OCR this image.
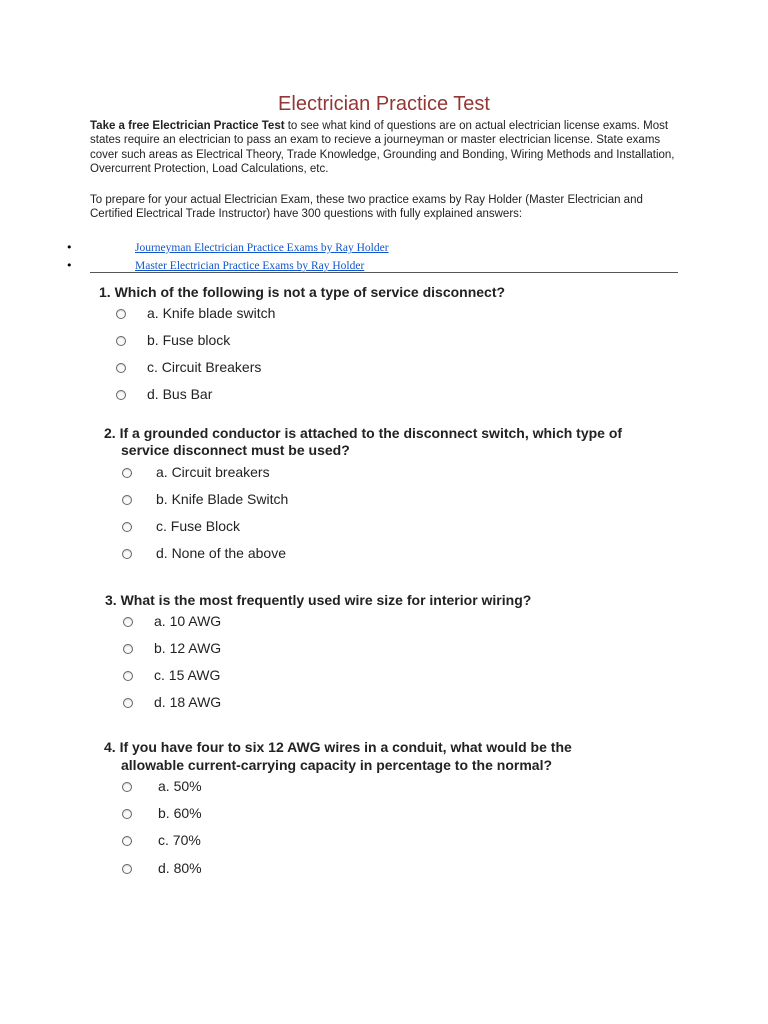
Electrician Practice Test

Take a free Electrician Practice Test to see what kind of questions are on actual electrician license exams. Most states require an electrician to pass an exam to recieve a journeyman or master electrician license. State exams cover such areas as Electrical Theory, Trade Knowledge, Grounding and Bonding, Wiring Methods and Installation, Overcurrent Protection, Load Calculations, etc.

To prepare for your actual Electrician Exam, these two practice exams by Ray Holder (Master Electrician and Certified Electrical Trade Instructor) have 300 questions with fully explained answers:

•	Journeyman Electrician Practice Exams by Ray Holder
•	Master Electrician Practice Exams by Ray Holder
1. Which of the following is not a type of service disconnect?
a. Knife blade switch
b. Fuse block
c. Circuit Breakers
d. Bus Bar
2. If a grounded conductor is attached to the disconnect switch, which type of
service disconnect must be used?
a. Circuit breakers
b. Knife Blade Switch
c. Fuse Block
d. None of the above
3. What is the most frequently used wire size for interior wiring?
a. 10 AWG
b. 12 AWG
c. 15 AWG
d. 18 AWG
4. If you have four to six 12 AWG wires in a conduit, what would be the
allowable current-carrying capacity in percentage to the normal?
a. 50%
b. 60%
c. 70%
d. 80%
